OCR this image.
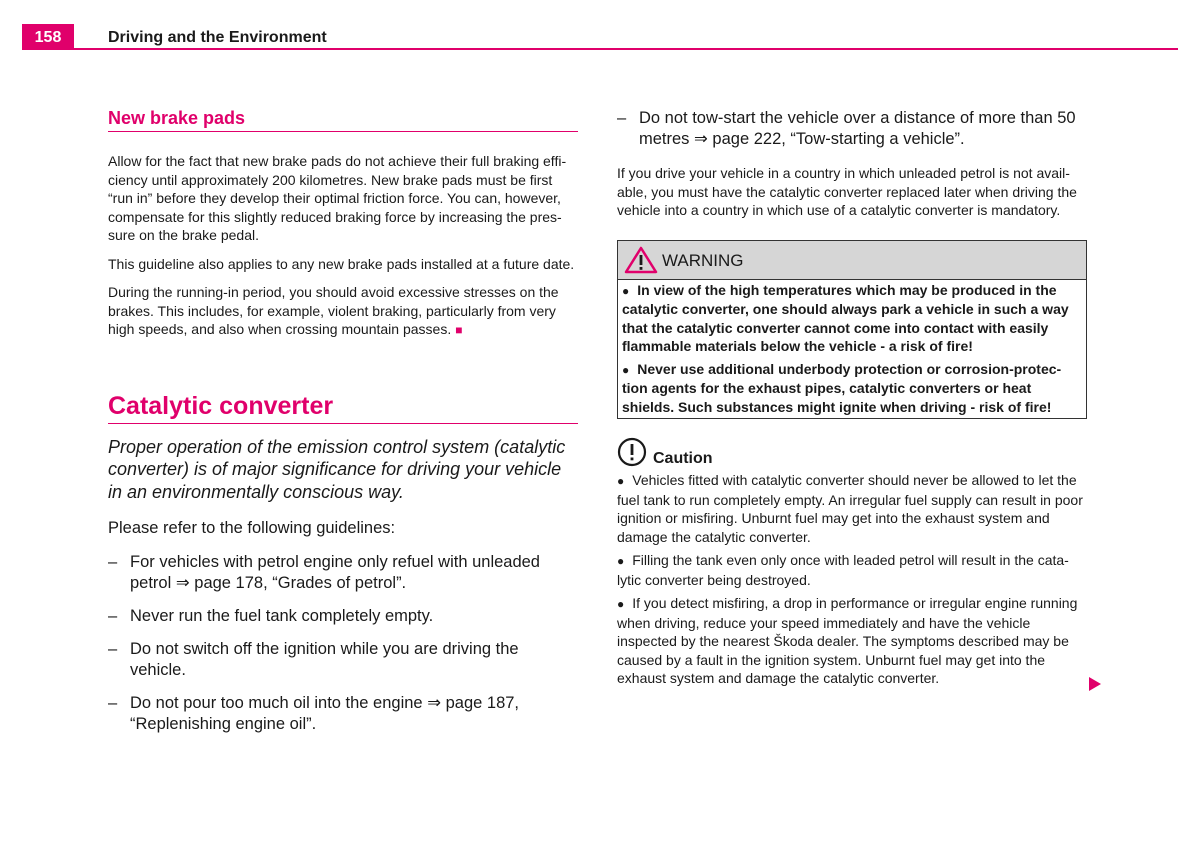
158	Driving and the Environment
New brake pads

Allow for the fact that new brake pads do not achieve their full braking effi-ciency until approximately 200 kilometres. New brake pads must be first “run in” before they develop their optimal friction force. You can, however, compensate for this slightly reduced braking force by increasing the pres-sure on the brake pedal.

This guideline also applies to any new brake pads installed at a future date.

During the running-in period, you should avoid excessive stresses on the brakes. This includes, for example, violent braking, particularly from very high speeds, and also when crossing mountain passes. ■

Catalytic converter

Proper operation of the emission control system (catalytic converter) is of major significance for driving your vehicle in an environmentally conscious way.

Please refer to the following guidelines:

– For vehicles with petrol engine only refuel with unleaded petrol ⇒ page 178, “Grades of petrol”.
– Never run the fuel tank completely empty.
– Do not switch off the ignition while you are driving the vehicle.
– Do not pour too much oil into the engine ⇒ page 187, “Replenishing engine oil”.
– Do not tow-start the vehicle over a distance of more than 50 metres ⇒ page 222, “Tow-starting a vehicle”.

If you drive your vehicle in a country in which unleaded petrol is not avail-able, you must have the catalytic converter replaced later when driving the vehicle into a country in which use of a catalytic converter is mandatory.

WARNING

● In view of the high temperatures which may be produced in the catalytic converter, one should always park a vehicle in such a way that the catalytic converter cannot come into contact with easily flammable materials below the vehicle - a risk of fire!

● Never use additional underbody protection or corrosion-protec-tion agents for the exhaust pipes, catalytic converters or heat shields. Such substances might ignite when driving - risk of fire!

Caution

● Vehicles fitted with catalytic converter should never be allowed to let the fuel tank to run completely empty. An irregular fuel supply can result in poor ignition or misfiring. Unburnt fuel may get into the exhaust system and damage the catalytic converter.

● Filling the tank even only once with leaded petrol will result in the cata-lytic converter being destroyed.

● If you detect misfiring, a drop in performance or irregular engine running when driving, reduce your speed immediately and have the vehicle inspected by the nearest Škoda dealer. The symptoms described may be caused by a fault in the ignition system. Unburnt fuel may get into the exhaust system and damage the catalytic converter.
